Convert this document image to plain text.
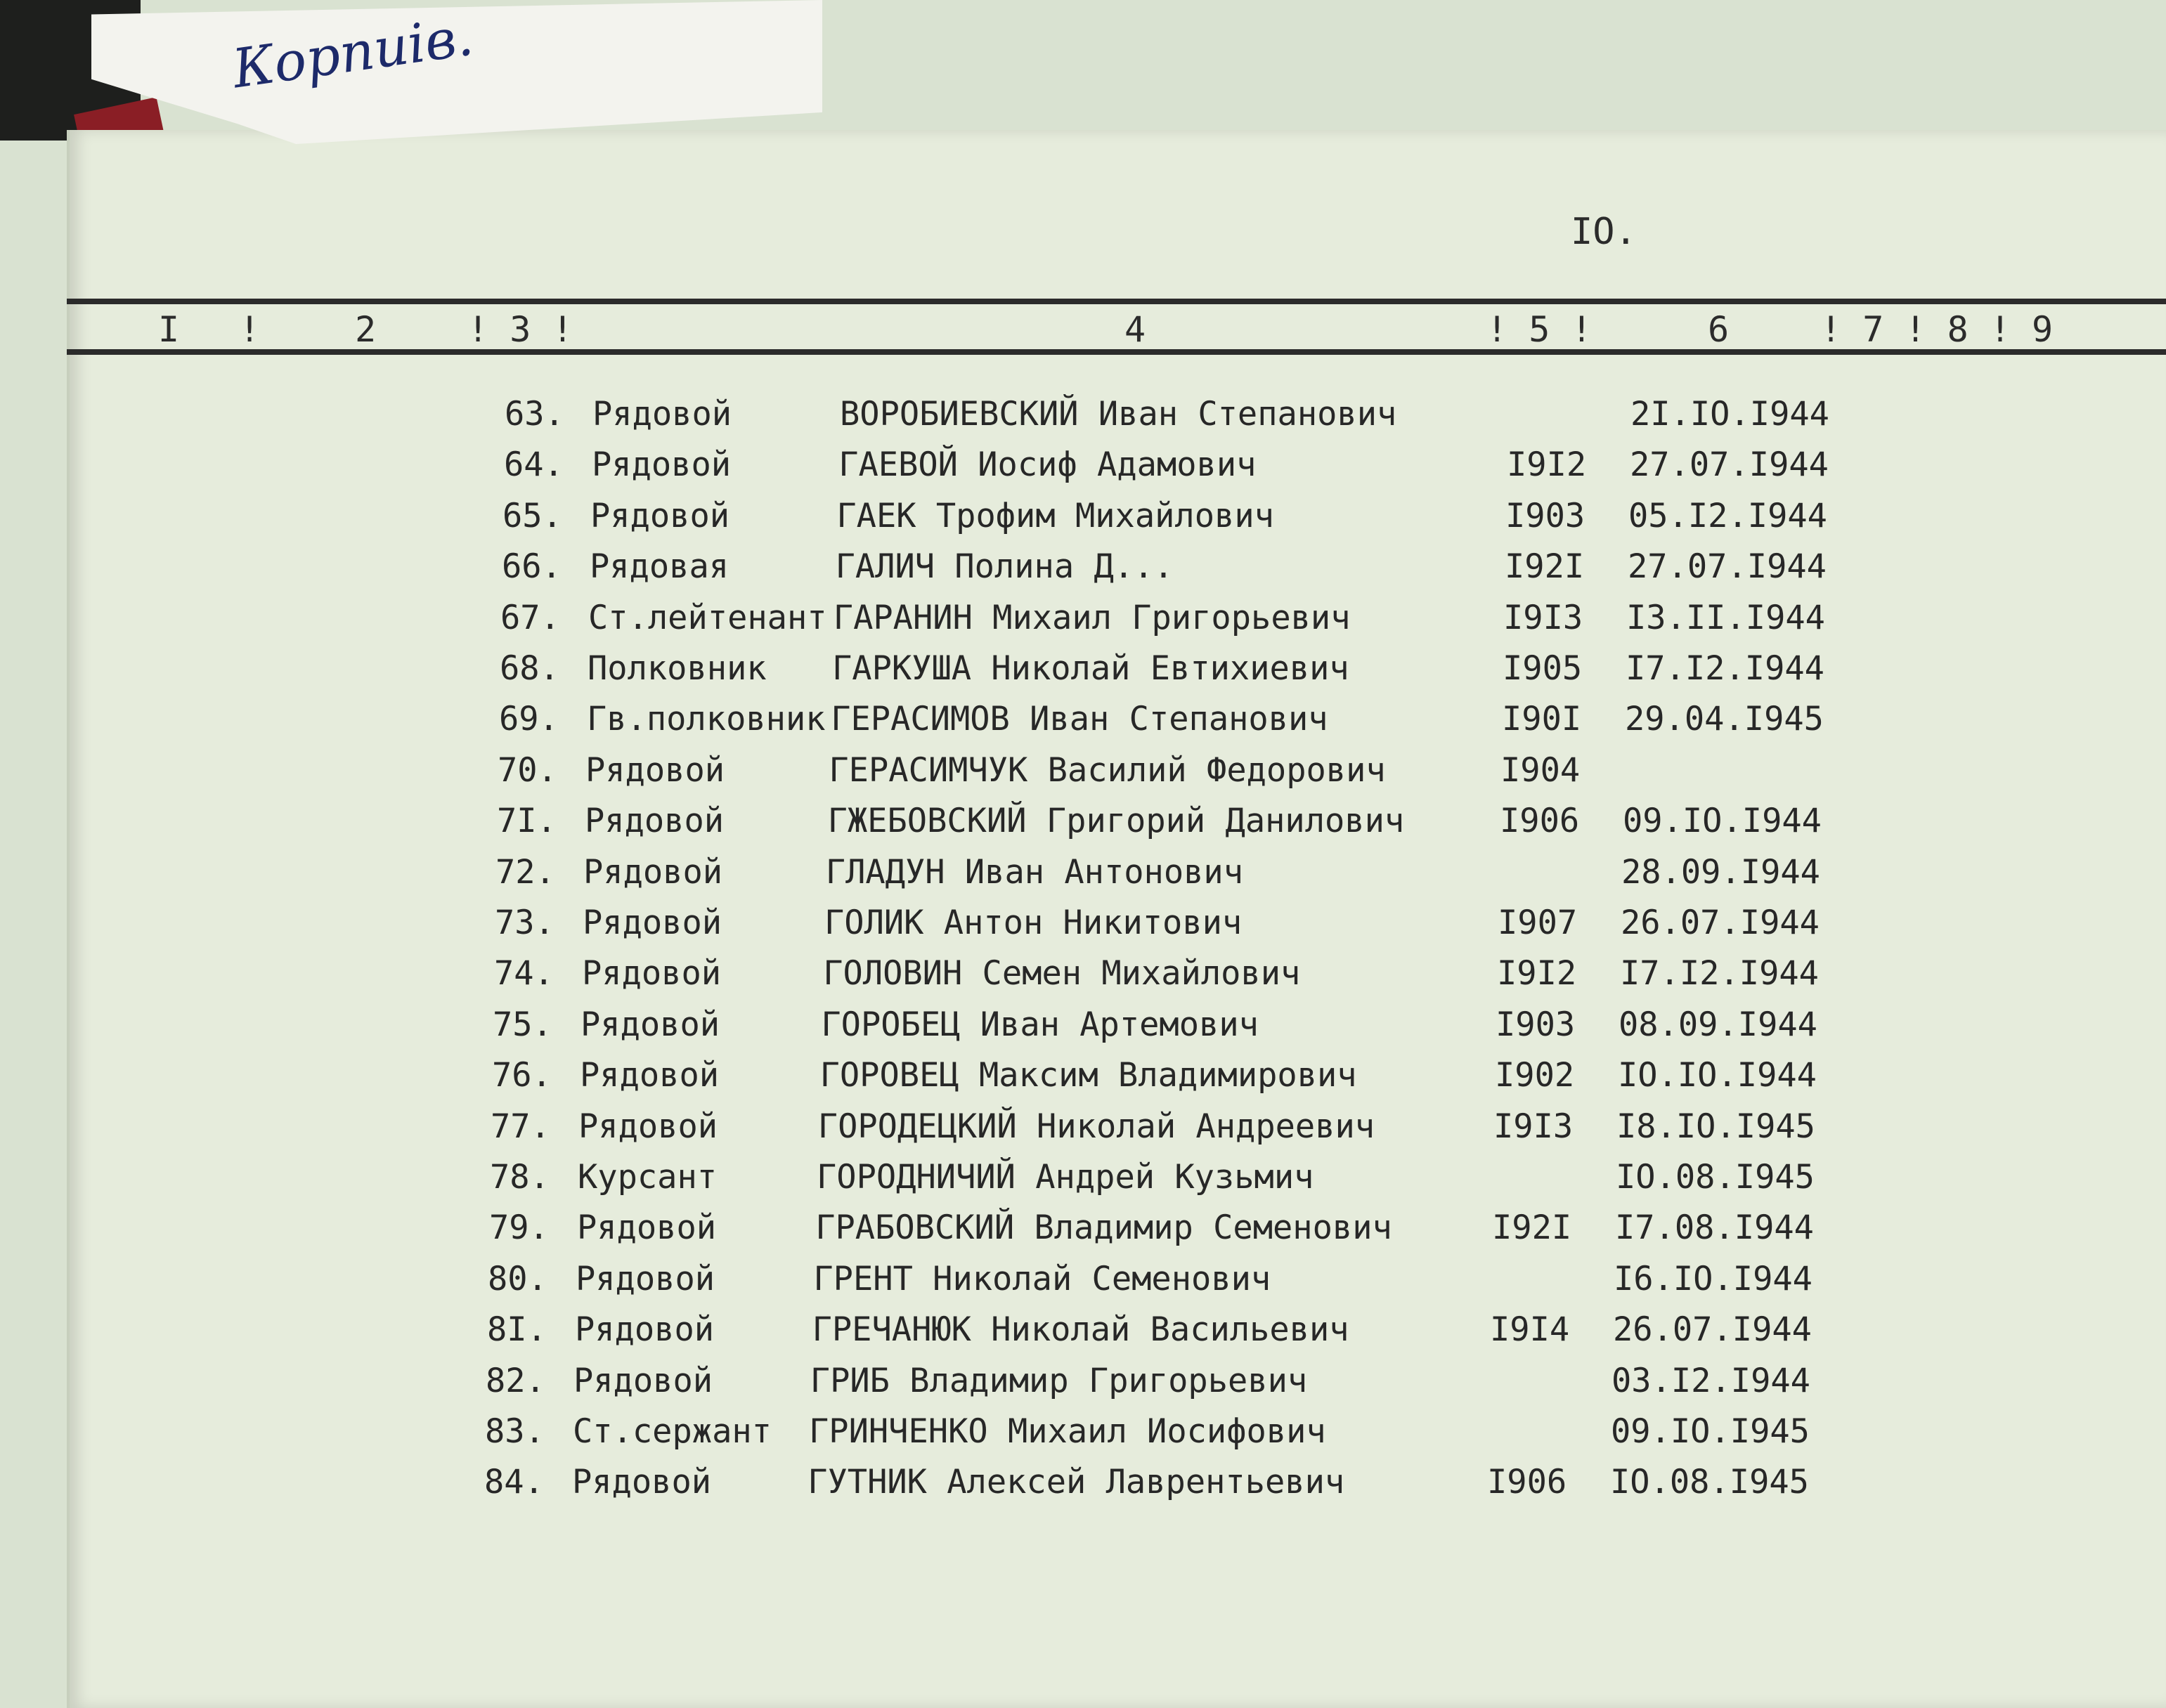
Корпиів.
IO.
I !	2	! 3 !	4	! 5 !	6	! 7 ! 8 ! 9
63. Рядовой	ВОРОБИЕВСКИЙ Иван Степанович	2I.IO.I944
64. Рядовой	ГАЕВОЙ Иосиф Адамович	I9I2 27.07.I944
65. Рядовой	ГАЕК Трофим Михайлович	I903 05.I2.I944
66. Рядовая	ГАЛИЧ Полина Д...	I92I 27.07.I944
67. Ст.лейтенант ГАРАНИН Михаил Григорьевич	I9I3 I3.II.I944
68. Полковник ГАРКУША Николай Евтихиевич	I905 I7.I2.I944
69. Гв.полковник ГЕРАСИМОВ Иван Степанович	I90I 29.04.I945
70. Рядовой	ГЕРАСИМЧУК Василий Федорович	I904
7I. Рядовой	ГЖЕБОВСКИЙ Григорий Данилович	I906 09.IO.I944
72. Рядовой	ГЛАДУН Иван Антонович	28.09.I944
73. Рядовой	ГОЛИК Антон Никитович	I907 26.07.I944
74. Рядовой	ГОЛОВИН Семен Михайлович	I9I2 I7.I2.I944
75. Рядовой	ГОРОБЕЦ Иван Артемович	I903 08.09.I944
76. Рядовой	ГОРОВЕЦ Максим Владимирович	I902 IO.IO.I944
77. Рядовой	ГОРОДЕЦКИЙ Николай Андреевич	I9I3 I8.IO.I945
78. Курсант	ГОРОДНИЧИЙ Андрей Кузьмич	IO.08.I945
79. Рядовой	ГРАБОВСКИЙ Владимир Семенович	I92I I7.08.I944
80. Рядовой	ГРЕНТ Николай Семенович	I6.IO.I944
8I. Рядовой	ГРЕЧАНЮК Николай Васильевич	I9I4 26.07.I944
82. Рядовой	ГРИБ Владимир Григорьевич	03.I2.I944
83. Ст.сержант ГРИНЧЕНКО Михаил Иосифович	09.IO.I945
84. Рядовой	ГУТНИК Алексей Лаврентьевич	I906 IO.08.I945
